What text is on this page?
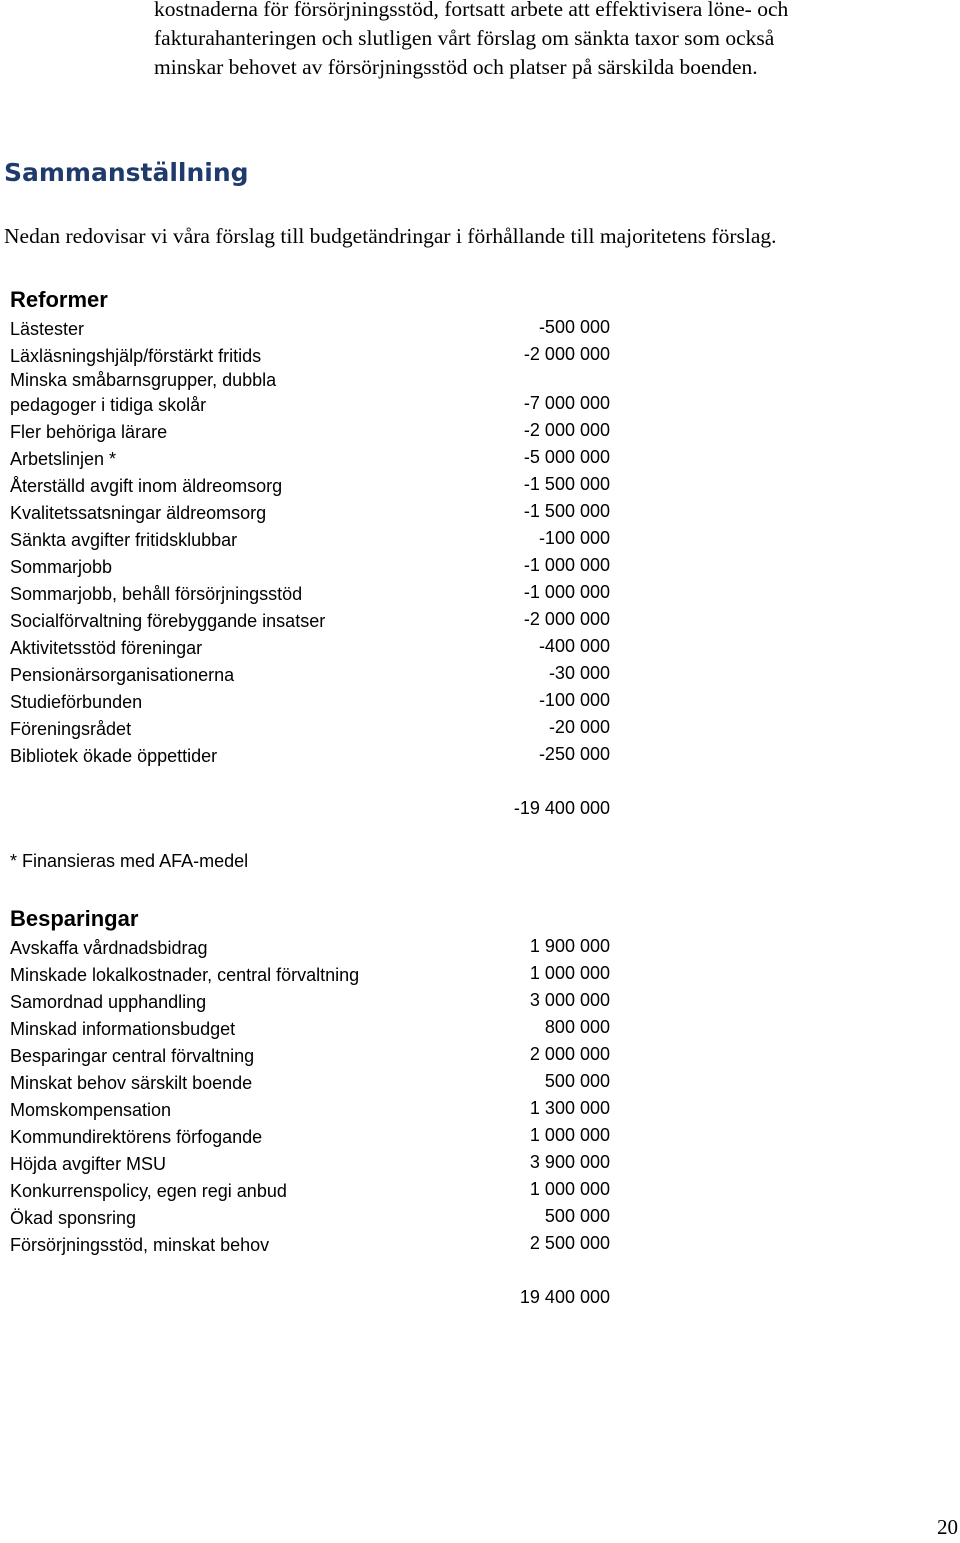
kostnaderna för försörjningsstöd, fortsatt arbete att effektivisera löne- och

fakturahanteringen och slutligen vårt förslag om sänkta taxor som också

minskar behovet av försörjningsstöd och platser på särskilda boenden.

Sammanställning

Nedan redovisar vi våra förslag till budgetändringar i förhållande till majoritetens förslag.

Reformer
Lästester	-500 000
Läxläsningshjälp/förstärkt fritids	-2 000 000
Minska småbarnsgrupper, dubbla
pedagoger i tidiga skolår	-7 000 000
Fler behöriga lärare	-2 000 000
Arbetslinjen *	-5 000 000
Återställd avgift inom äldreomsorg	-1 500 000
Kvalitetssatsningar äldreomsorg	-1 500 000
Sänkta avgifter fritidsklubbar	-100 000
Sommarjobb	-1 000 000
Sommarjobb, behåll försörjningsstöd	-1 000 000
Socialförvaltning förebyggande insatser	-2 000 000
Aktivitetsstöd föreningar	-400 000
Pensionärsorganisationerna	-30 000
Studieförbunden	-100 000
Föreningsrådet	-20 000
Bibliotek ökade öppettider	-250 000
-19 400 000
* Finansieras med AFA-medel
Besparingar
Avskaffa vårdnadsbidrag	1 900 000
Minskade lokalkostnader, central förvaltning	1 000 000
Samordnad upphandling	3 000 000
Minskad informationsbudget	800 000
Besparingar central förvaltning	2 000 000
Minskat behov särskilt boende	500 000
Momskompensation	1 300 000
Kommundirektörens förfogande	1 000 000
Höjda avgifter MSU	3 900 000
Konkurrenspolicy, egen regi anbud	1 000 000
Ökad sponsring	500 000
Försörjningsstöd, minskat behov	2 500 000
19 400 000
20
